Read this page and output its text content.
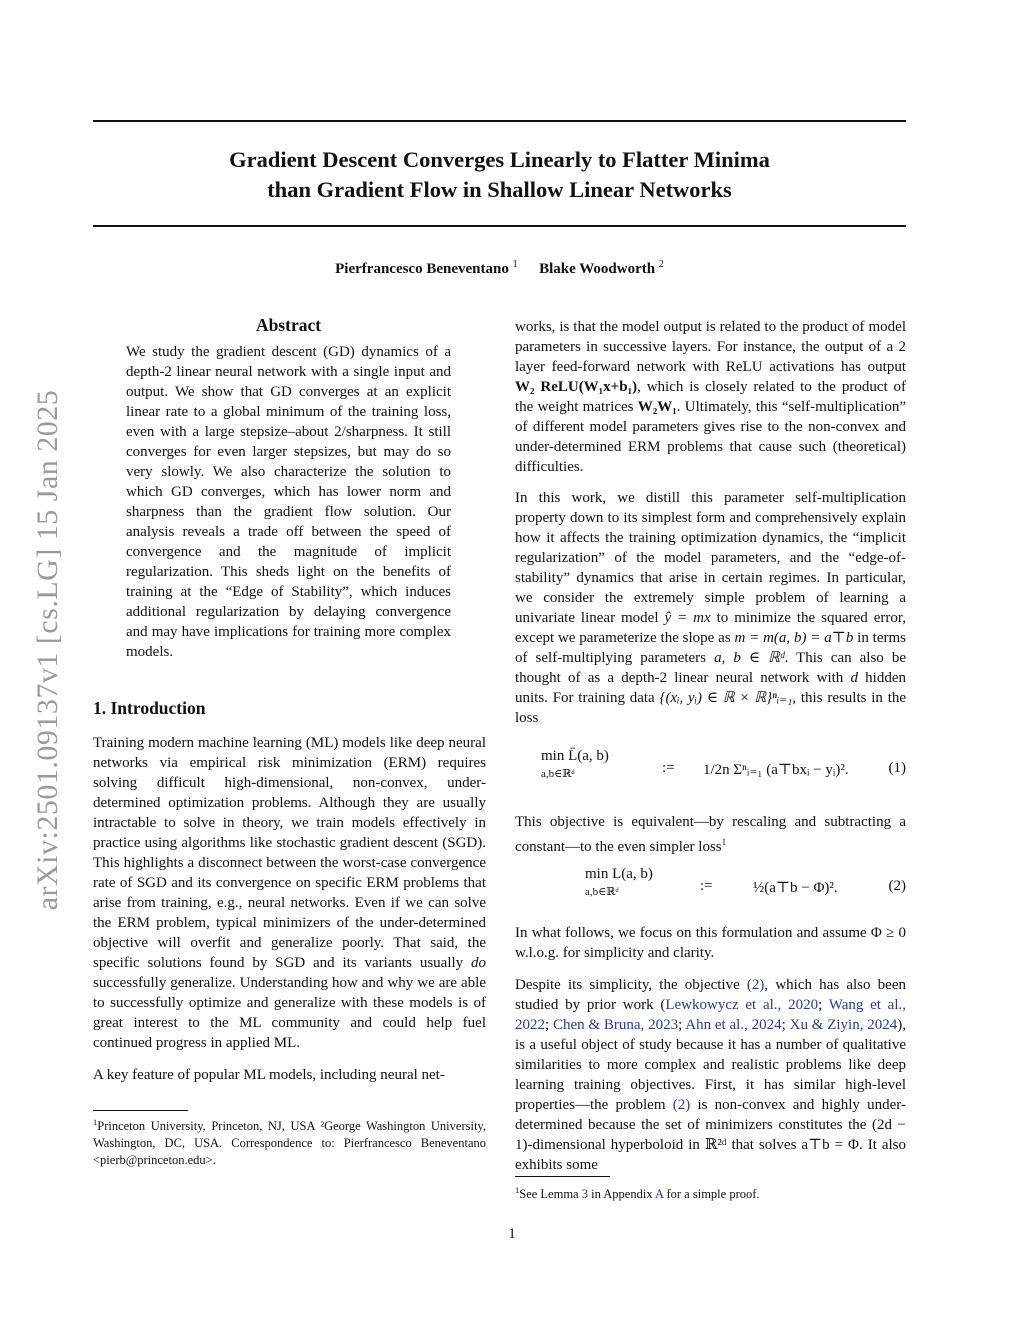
arXiv:2501.09137v1 [cs.LG] 15 Jan 2025
Gradient Descent Converges Linearly to Flatter Minima
than Gradient Flow in Shallow Linear Networks
Pierfrancesco Beneventano $^1$ Blake Woodworth $^2$
Abstract

We study the gradient descent (GD) dynamics of a depth-2 linear neural network with a single input and output. We show that GD converges at an explicit linear rate to a global minimum of the training loss, even with a large stepsize–about 2/sharpness. It still converges for even larger stepsizes, but may do so very slowly. We also characterize the solution to which GD converges, which has lower norm and sharpness than the gradient flow solution. Our analysis reveals a trade off between the speed of convergence and the magnitude of implicit regularization. This sheds light on the benefits of training at the “Edge of Stability”, which induces additional regularization by delaying convergence and may have implications for training more complex models.

1. Introduction

Training modern machine learning (ML) models like deep neural networks via empirical risk minimization (ERM) requires solving difficult high-dimensional, non-convex, under-determined optimization problems. Although they are usually intractable to solve in theory, we train models effectively in practice using algorithms like stochastic gradient descent (SGD). This highlights a disconnect between the worst-case convergence rate of SGD and its convergence on specific ERM problems that arise from training, e.g., neural networks. Even if we can solve the ERM problem, typical minimizers of the under-determined objective will overfit and generalize poorly. That said, the specific solutions found by SGD and its variants usually do successfully generalize. Understanding how and why we are able to successfully optimize and generalize with these models is of great interest to the ML community and could help fuel continued progress in applied ML.

A key feature of popular ML models, including neural net-

$^1$Princeton University, Princeton, NJ, USA ²George Washington University, Washington, DC, USA. Correspondence to: Pierfrancesco Beneventano <pierb@princeton.edu>.

works, is that the model output is related to the product of model parameters in successive layers. For instance, the output of a 2 layer feed-forward network with ReLU activations has output W₂ ReLU(W₁x+b₁), which is closely related to the product of the weight matrices W₂W₁. Ultimately, this “self-multiplication” of different model parameters gives rise to the non-convex and under-determined ERM problems that cause such (theoretical) difficulties.

In this work, we distill this parameter self-multiplication property down to its simplest form and comprehensively explain how it affects the training optimization dynamics, the “implicit regularization” of the model parameters, and the “edge-of-stability” dynamics that arise in certain regimes. In particular, we consider the extremely simple problem of learning a univariate linear model ŷ = mx to minimize the squared error, except we parameterize the slope as m = m(a, b) = a⊤b in terms of self-multiplying parameters a, b ∈ ℝᵈ. This can also be thought of as a depth-2 linear neural network with d hidden units. For training data {(xᵢ, yᵢ) ∈ ℝ × ℝ}ⁿᵢ₌₁, this results in the loss

min L̄(a, b)
a,b∈ℝᵈ	:= 1/2n Σⁿᵢ₌₁ (a⊤bxᵢ − yᵢ)².	(1)

This objective is equivalent—by rescaling and subtracting a constant—to the even simpler loss$^1$

min L(a, b)
a,b∈ℝᵈ	:=	½(a⊤b − Φ)².	(2)

In what follows, we focus on this formulation and assume Φ ≥ 0 w.l.o.g. for simplicity and clarity.

Despite its simplicity, the objective (2), which has also been studied by prior work (Lewkowycz et al., 2020; Wang et al., 2022; Chen & Bruna, 2023; Ahn et al., 2024; Xu & Ziyin, 2024), is a useful object of study because it has a number of qualitative similarities to more complex and realistic problems like deep learning training objectives. First, it has similar high-level properties—the problem (2) is non-convex and highly under-determined because the set of minimizers constitutes the (2d − 1)-dimensional hyperboloid in ℝ²ᵈ that solves a⊤b = Φ. It also exhibits some

$^1$See Lemma 3 in Appendix A for a simple proof.
1
